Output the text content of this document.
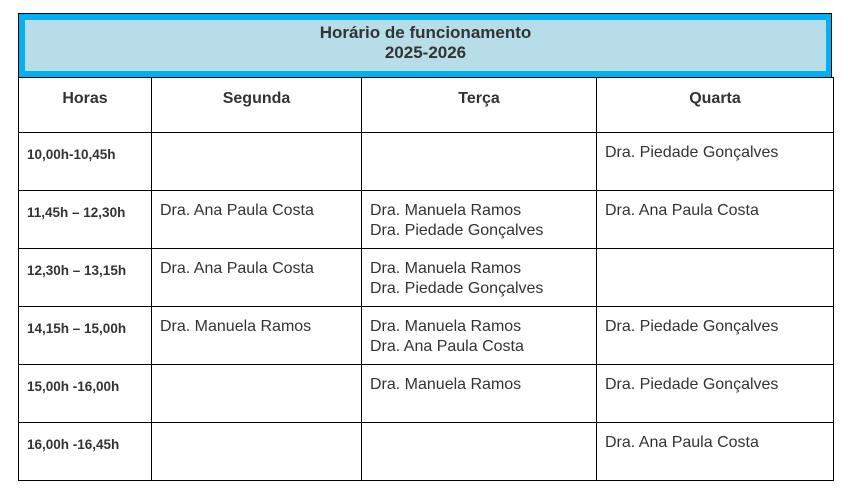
Horário de funcionamento
2025-2026
Horas	Segunda	Terça	Quarta
10,00h-10,45h			Dra. Piedade Gonçalves

11,45h – 12,30h	Dra. Ana Paula Costa	Dra. Manuela Ramos
Dra. Piedade Gonçalves	Dra. Ana Paula Costa

12,30h – 13,15h	Dra. Ana Paula Costa	Dra. Manuela Ramos
Dra. Piedade Gonçalves	

14,15h – 15,00h	Dra. Manuela Ramos	Dra. Manuela Ramos
Dra. Ana Paula Costa	Dra. Piedade Gonçalves

15,00h -16,00h		Dra. Manuela Ramos	Dra. Piedade Gonçalves

16,00h -16,45h			Dra. Ana Paula Costa
